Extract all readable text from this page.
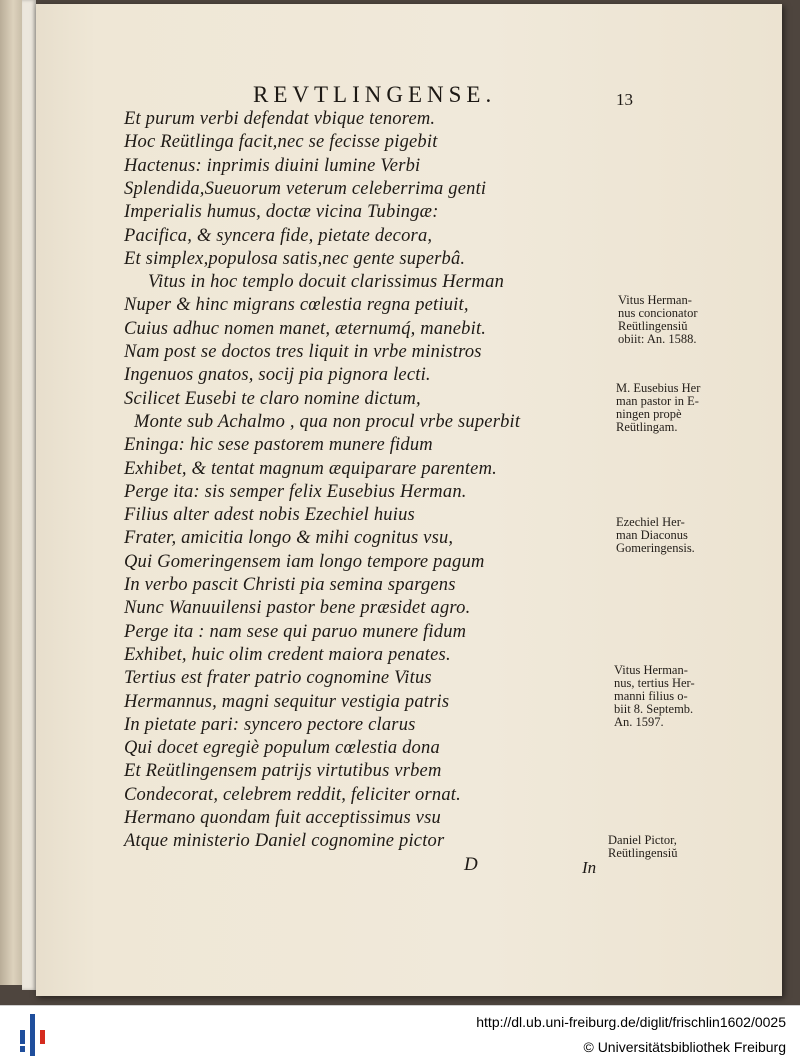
REVTLINGENSE.	13
Et purum verbi defendat vbique tenorem.
Hoc Reütlinga facit,nec se fecisse pigebit
Hactenus: inprimis diuini lumine Verbi
Splendida,Sueuorum veterum celeberrima genti
Imperialis humus, doctæ vicina Tubingæ:
Pacifica, & syncera fide, pietate decora,
Et simplex,populosa satis,nec gente superbâ.
Vitus in hoc templo docuit clarissimus Herman
Nuper & hinc migrans cœlestia regna petiuit,
Cuius adhuc nomen manet, æternumq́, manebit.
Nam post se doctos tres liquit in vrbe ministros
Ingenuos gnatos, socij pia pignora lecti.
Scilicet Eusebi te claro nomine dictum,
Monte sub Achalmo , qua non procul vrbe superbit
Eninga: hic sese pastorem munere fidum
Exhibet, & tentat magnum æquiparare parentem.
Perge ita: sis semper felix Eusebius Herman.
Filius alter adest nobis Ezechiel huius
Frater, amicitia longo & mihi cognitus vsu,
Qui Gomeringensem iam longo tempore pagum
In verbo pascit Christi pia semina spargens
Nunc Wanuuilensi pastor bene præsidet agro.
Perge ita : nam sese qui paruo munere fidum
Exhibet, huic olim credent maiora penates.
Tertius est frater patrio cognomine Vitus
Hermannus, magni sequitur vestigia patris
In pietate pari: syncero pectore clarus
Qui docet egregiè populum cœlestia dona
Et Reütlingensem patrijs virtutibus vrbem
Condecorat, celebrem reddit, feliciter ornat.
Hermano quondam fuit acceptissimus vsu
Atque ministerio Daniel cognomine pictor
Vitus Herman-
nus concionator
Reütlingensiŭ
obiit: An. 1588.
M. Eusebius Her
man pastor in E-
ningen propè
Reütlingam.
Ezechiel Her-
man Diaconus
Gomeringensis.
Vitus Herman-
nus, tertius Her-
manni filius o-
biit 8. Septemb.
An. 1597.
Daniel Pictor,
Reütlingensiŭ
D	In
http://dl.ub.uni-freiburg.de/diglit/frischlin1602/0025
© Universitätsbibliothek Freiburg
